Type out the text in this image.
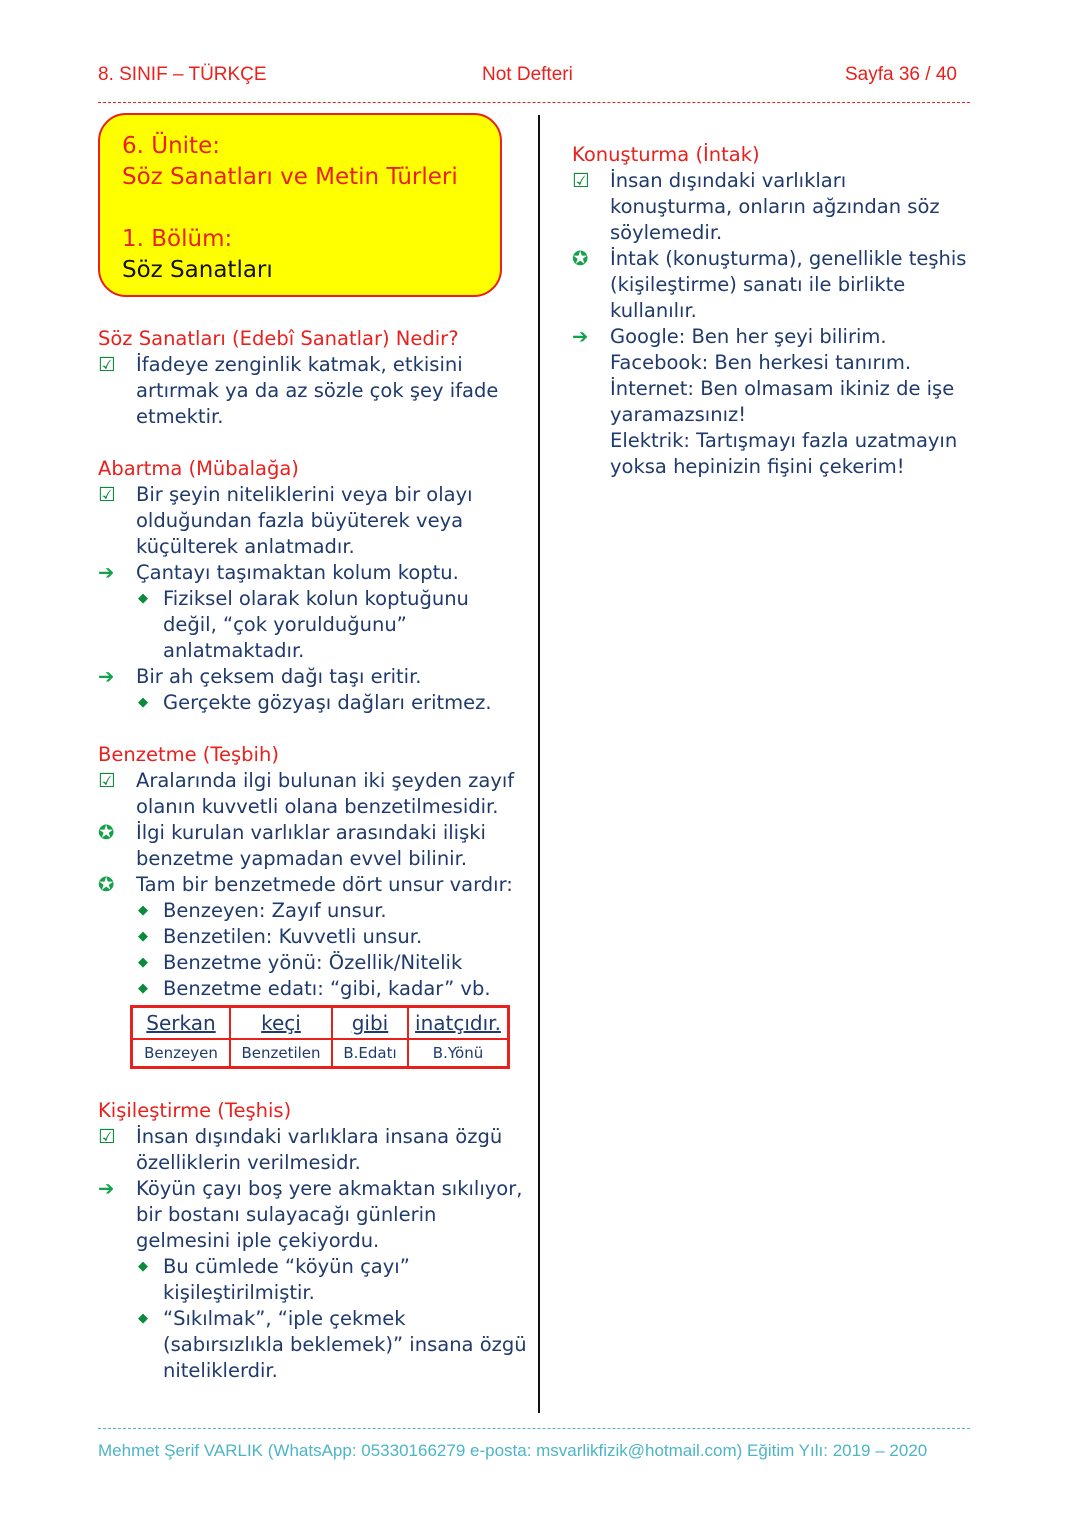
8. SINIF – TÜRKÇE	Not Defteri	Sayfa 36 / 40
6. Ünite:
Söz Sanatları ve Metin Türleri
1. Bölüm:
Söz Sanatları

Söz Sanatları (Edebî Sanatlar) Nedir?

☑	İfadeye zenginlik katmak, etkisini artırmak ya da az sözle çok şey ifade etmektir.

Abartma (Mübalağa)

☑	Bir şeyin niteliklerini veya bir olayı olduğundan fazla büyüterek veya küçülterek anlatmadır.
➔	Çantayı taşımaktan kolum koptu.
◆ Fiziksel olarak kolun koptuğunu değil, “çok yorulduğunu” anlatmaktadır.
➔	Bir ah çeksem dağı taşı eritir.
◆ Gerçekte gözyaşı dağları eritmez.

Benzetme (Teşbih)

☑	Aralarında ilgi bulunan iki şeyden zayıf olanın kuvvetli olana benzetilmesidir.
✪	İlgi kurulan varlıklar arasındaki ilişki benzetme yapmadan evvel bilinir.
✪	Tam bir benzetmede dört unsur vardır:
◆ Benzeyen: Zayıf unsur.
◆ Benzetilen: Kuvvetli unsur.
◆ Benzetme yönü: Özellik/Nitelik
◆ Benzetme edatı: “gibi, kadar” vb.
Serkan	keçi	gibi	inatçıdır.
Benzeyen	Benzetilen	B.Edatı	B.Yönü

Kişileştirme (Teşhis)

☑	İnsan dışındaki varlıklara insana özgü özelliklerin verilmesidr.
➔	Köyün çayı boş yere akmaktan sıkılıyor, bir bostanı sulayacağı günlerin gelmesini iple çekiyordu.
◆ Bu cümlede “köyün çayı” kişileştirilmiştir.
◆ “Sıkılmak”, “iple çekmek (sabırsızlıkla beklemek)” insana özgü niteliklerdir.

Konuşturma (İntak)

☑	İnsan dışındaki varlıkları konuşturma, onların ağzından söz söylemedir.
✪	İntak (konuşturma), genellikle teşhis (kişileştirme) sanatı ile birlikte kullanılır.
➔	Google: Ben her şeyi bilirim.
Facebook: Ben herkesi tanırım.
İnternet: Ben olmasam ikiniz de işe yaramazsınız!
Elektrik: Tartışmayı fazla uzatmayın yoksa hepinizin fişini çekerim!
Mehmet Şerif VARLIK (WhatsApp: 05330166279 e-posta: msvarlikfizik@hotmail.com) Eğitim Yılı: 2019 – 2020
